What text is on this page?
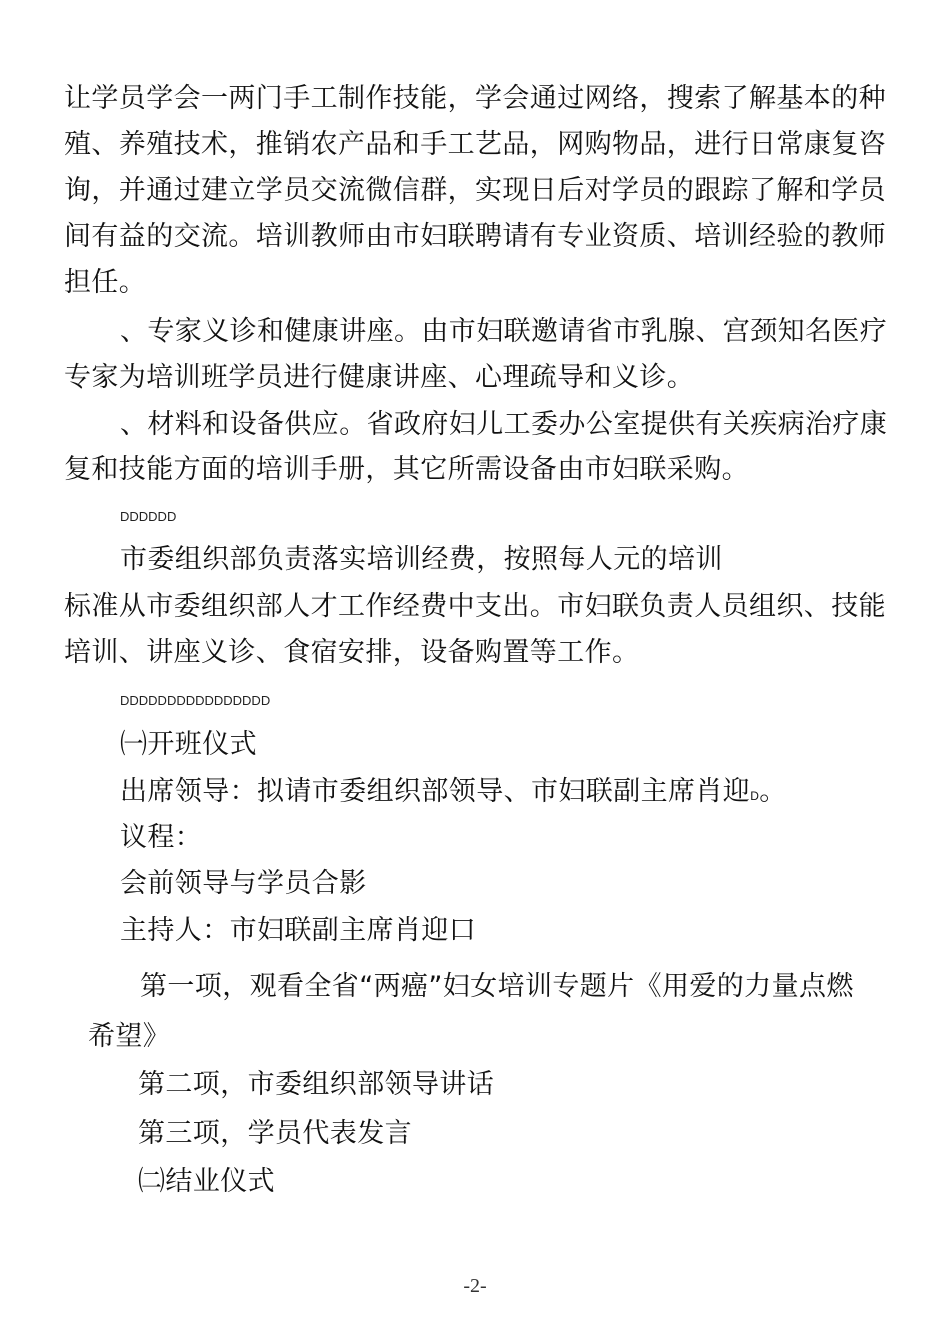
让学员学会一两门手工制作技能，学会通过网络，搜索了解基本的种
殖、养殖技术，推销农产品和手工艺品，网购物品，进行日常康复咨
询，并通过建立学员交流微信群，实现日后对学员的跟踪了解和学员
间有益的交流。培训教师由市妇联聘请有专业资质、培训经验的教师
担任。
、专家义诊和健康讲座。由市妇联邀请省市乳腺、宫颈知名医疗
专家为培训班学员进行健康讲座、心理疏导和义诊。
、材料和设备供应。省政府妇儿工委办公室提供有关疾病治疗康
复和技能方面的培训手册，其它所需设备由市妇联采购。
DDDDDD
市委组织部负责落实培训经费，按照每人元的培训
标准从市委组织部人才工作经费中支出。市妇联负责人员组织、技能
培训、讲座义诊、食宿安排，设备购置等工作。
DDDDDDDDDDDDDDDD
㈠开班仪式
出席领导：拟请市委组织部领导、市妇联副主席肖迎D。
议程：
会前领导与学员合影
主持人：市妇联副主席肖迎口
第一项，观看全省“两癌”妇女培训专题片《用爱的力量点燃
希望》
第二项，市委组织部领导讲话
第三项，学员代表发言
㈡结业仪式
-2-
